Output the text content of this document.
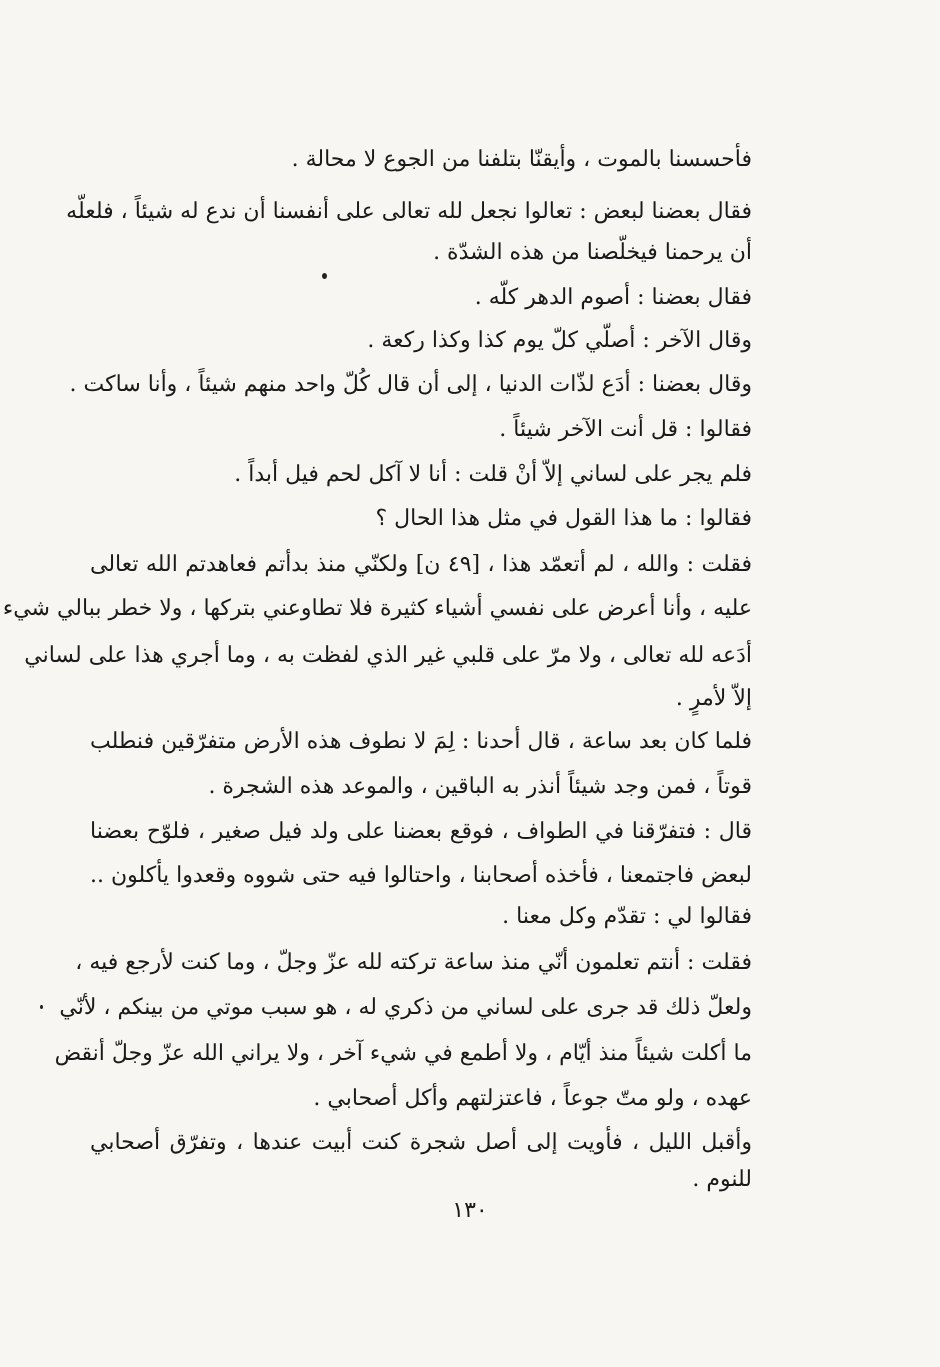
فأحسسنا بالموت ، وأيقنّا بتلفنا من الجوع لا محالة .
فقال بعضنا لبعض : تعالوا نجعل لله تعالى على أنفسنا أن ندع له شيئاً ، فلعلّه
أن يرحمنا فيخلّصنا من هذه الشدّة .
فقال بعضنا : أصوم الدهر كلّه .
وقال الآخر : أصلّي كلّ يوم كذا وكذا ركعة .
وقال بعضنا : أدَع لذّات الدنيا ، إلى أن قال كُلّ واحد منهم شيئاً ، وأنا ساكت .
فقالوا : قل أنت الآخر شيئاً .
فلم يجر على لساني إلاّ أنْ قلت : أنا لا آكل لحم فيل أبداً .
فقالوا : ما هذا القول في مثل هذا الحال ؟
فقلت : والله ، لم أتعمّد هذا ، [٤٩ ن] ولكنّي منذ بدأتم فعاهدتم الله تعالى
عليه ، وأنا أعرض على نفسي أشياء كثيرة فلا تطاوعني بتركها ، ولا خطر ببالي شيء
أدَعه لله تعالى ، ولا مرّ على قلبي غير الذي لفظت به ، وما أجري هذا على لساني
إلاّ لأمرٍ .
فلما كان بعد ساعة ، قال أحدنا : لِمَ لا نطوف هذه الأرض متفرّقين فنطلب
قوتاً ، فمن وجد شيئاً أنذر به الباقين ، والموعد هذه الشجرة .
قال : فتفرّقنا في الطواف ، فوقع بعضنا على ولد فيل صغير ، فلوّح بعضنا
لبعض فاجتمعنا ، فأخذه أصحابنا ، واحتالوا فيه حتى شووه وقعدوا يأكلون ..
فقالوا لي : تقدّم وكل معنا .
فقلت : أنتم تعلمون أنّي منذ ساعة تركته لله عزّ وجلّ ، وما كنت لأرجع فيه ،
ولعلّ ذلك قد جرى على لساني من ذكري له ، هو سبب موتي من بينكم ، لأنّي
ما أكلت شيئاً منذ أيّام ، ولا أطمع في شيء آخر ، ولا يراني الله عزّ وجلّ أنقض
عهده ، ولو متّ جوعاً ، فاعتزلتهم وأكل أصحابي .
وأقبل الليل ، فأويت إلى أصل شجرة كنت أبيت عندها ، وتفرّق أصحابي
للنوم .
١٣٠
